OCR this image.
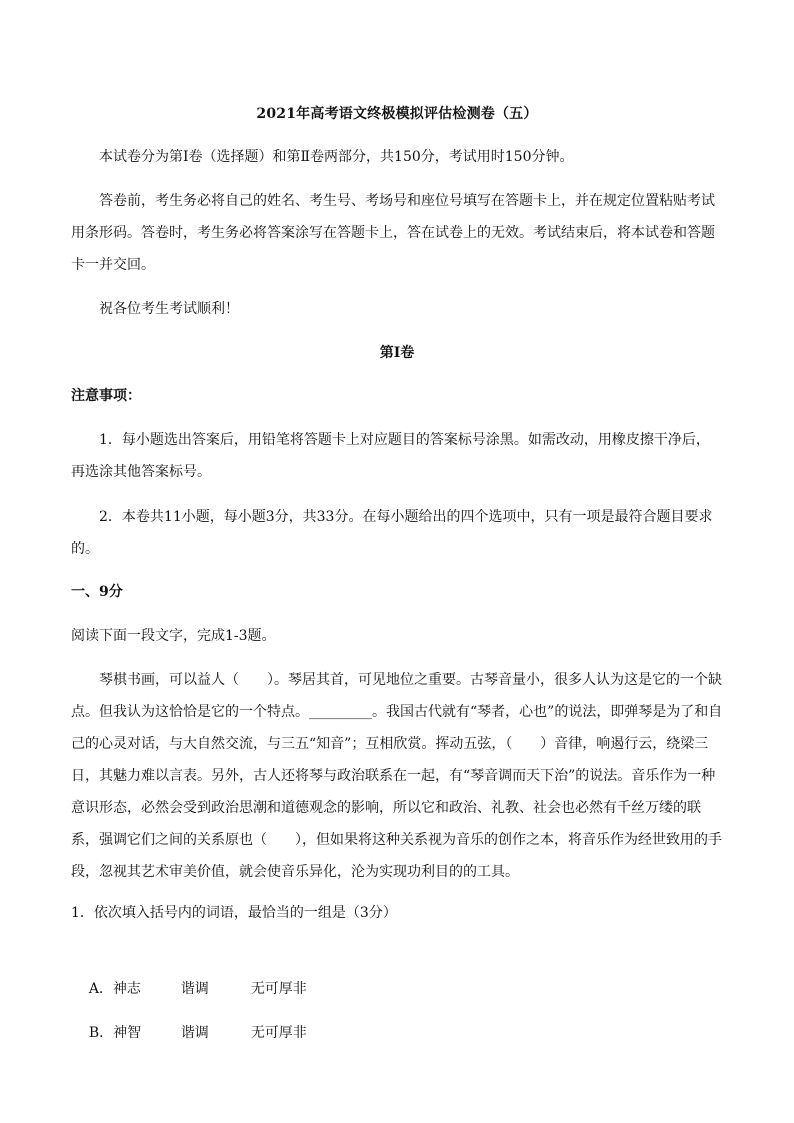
2021年高考语文终极模拟评估检测卷（五）

本试卷分为第Ⅰ卷（选择题）和第Ⅱ卷两部分，共150分，考试用时150分钟。

答卷前，考生务必将自己的姓名、考生号、考场号和座位号填写在答题卡上，并在规定位置粘贴考试用条形码。答卷时，考生务必将答案涂写在答题卡上，答在试卷上的无效。考试结束后，将本试卷和答题卡一并交回。

祝各位考生考试顺利！

第Ⅰ卷

注意事项：

1．每小题选出答案后，用铅笔将答题卡上对应题目的答案标号涂黑。如需改动，用橡皮擦干净后，再选涂其他答案标号。

2．本卷共11小题，每小题3分，共33分。在每小题给出的四个选项中，只有一项是最符合题目要求的。

一、9分

阅读下面一段文字，完成1-3题。

琴棋书画，可以益人（　　）。琴居其首，可见地位之重要。古琴音量小，很多人认为这是它的一个缺点。但我认为这恰恰是它的一个特点。_________。我国古代就有“琴者，心也”的说法，即弹琴是为了和自己的心灵对话，与大自然交流，与三五“知音”；互相欣赏。挥动五弦，（　　）音律，响遏行云，绕梁三日，其魅力难以言表。另外，古人还将琴与政治联系在一起，有“琴音调而天下治”的说法。音乐作为一种意识形态，必然会受到政治思潮和道德观念的影响，所以它和政治、礼教、社会也必然有千丝万缕的联系，强调它们之间的关系原也（　　），但如果将这种关系视为音乐的创作之本，将音乐作为经世致用的手段，忽视其艺术审美价值，就会使音乐异化，沦为实现功利目的的工具。

1．依次填入括号内的词语，最恰当的一组是（3分）

A．神志	谐调	无可厚非

B．神智	谐调	无可厚非
